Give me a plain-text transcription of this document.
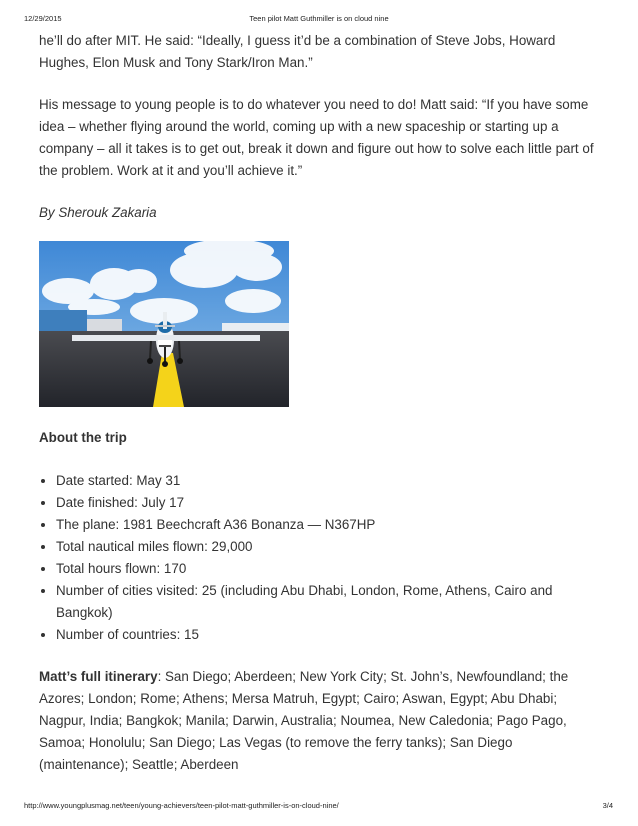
12/29/2015	Teen pilot Matt Guthmiller is on cloud nine

he’ll do after MIT. He said: “Ideally, I guess it’d be a combination of Steve Jobs, Howard Hughes, Elon Musk and Tony Stark/Iron Man.”

His message to young people is to do whatever you need to do! Matt said: “If you have some idea – whether flying around the world, coming up with a new spaceship or starting up a company – all it takes is to get out, break it down and figure out how to solve each little part of the problem. Work at it and you’ll achieve it.”

By Sherouk Zakaria

About the trip
• Date started: May 31
• Date finished: July 17
• The plane: 1981 Beechcraft A36 Bonanza — N367HP
• Total nautical miles flown: 29,000
• Total hours flown: 170
• Number of cities visited: 25 (including Abu Dhabi, London, Rome, Athens, Cairo and Bangkok)
• Number of countries: 15

Matt’s full itinerary: San Diego; Aberdeen; New York City; St. John’s, Newfoundland; the Azores; London; Rome; Athens; Mersa Matruh, Egypt; Cairo; Aswan, Egypt; Abu Dhabi; Nagpur, India; Bangkok; Manila; Darwin, Australia; Noumea, New Caledonia; Pago Pago, Samoa; Honolulu; San Diego; Las Vegas (to remove the ferry tanks); San Diego (maintenance); Seattle; Aberdeen

http://www.youngplusmag.net/teen/young-achievers/teen-pilot-matt-guthmiller-is-on-cloud-nine/	3/4
